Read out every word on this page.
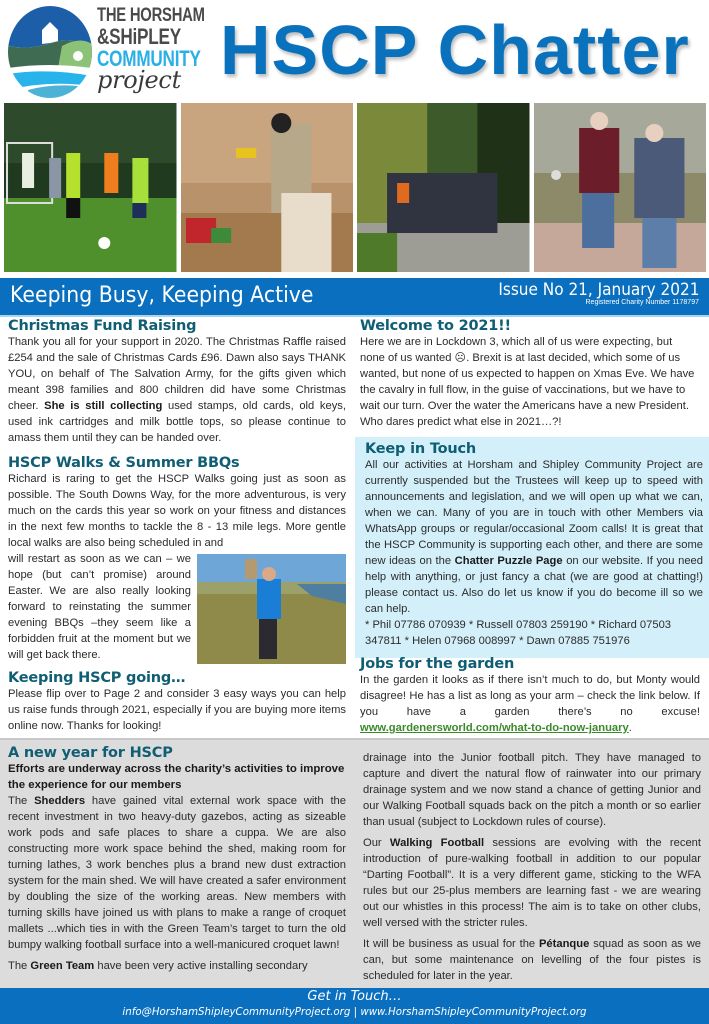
THE HORSHAM
&SHiPLEY
COMMUNITY
project HSCP Chatter
Keeping Busy, Keeping Active	Issue No 21, January 2021
Registered Charity Number 1178797
Christmas Fund Raising

Thank you all for your support in 2020. The Christmas Raffle raised £254 and the sale of Christmas Cards £96. Dawn also says THANK YOU, on behalf of The Salvation Army, for the gifts given which meant 398 families and 800 children did have some Christmas cheer. She is still collecting used stamps, old cards, old keys, used ink cartridges and milk bottle tops, so please continue to amass them until they can be handed over.

HSCP Walks & Summer BBQs

Richard is raring to get the HSCP Walks going just as soon as possible. The South Downs Way, for the more adventurous, is very much on the cards this year so work on your fitness and distances in the next few months to tackle the 8 - 13 mile legs. More gentle local walks are also being scheduled in and

will restart as soon as we can – we hope (but can’t promise) around Easter. We are also really looking forward to reinstating the summer evening BBQs –they seem like a forbidden fruit at the moment but we will get back there.

Keeping HSCP going…

Please flip over to Page 2 and consider 3 easy ways you can help us raise funds through 2021, especially if you are buying more items online now. Thanks for looking!

Welcome to 2021!!

Here we are in Lockdown 3, which all of us were expecting, but none of us wanted ☹. Brexit is at last decided, which some of us wanted, but none of us expected to happen on Xmas Eve. We have the cavalry in full flow, in the guise of vaccinations, but we have to wait our turn. Over the water the Americans have a new President. Who dares predict what else in 2021…?!

Keep in Touch

All our activities at Horsham and Shipley Community Project are currently suspended but the Trustees will keep up to speed with announcements and legislation, and we will open up what we can, when we can. Many of you are in touch with other Members via WhatsApp groups or regular/occasional Zoom calls! It is great that the HSCP Community is supporting each other, and there are some new ideas on the Chatter Puzzle Page on our website. If you need help with anything, or just fancy a chat (we are good at chatting!) please contact us. Also do let us know if you do become ill so we can help.

* Phil 07786 070939 * Russell 07803 259190 * Richard 07503 347811 * Helen 07968 008997 * Dawn 07885 751976

Jobs for the garden

In the garden it looks as if there isn’t much to do, but Monty would disagree! He has a list as long as your arm – check the link below. If you have a garden there’s no excuse! www.gardenersworld.com/what-to-do-now-january.

A new year for HSCP
Efforts are underway across the charity’s activities to improve the experience for our members

The Shedders have gained vital external work space with the recent investment in two heavy-duty gazebos, acting as sizeable work pods and safe places to share a cuppa. We are also constructing more work space behind the shed, making room for turning lathes, 3 work benches plus a brand new dust extraction system for the main shed. We will have created a safer environment by doubling the size of the working areas. New members with turning skills have joined us with plans to make a range of croquet mallets ...which ties in with the Green Team’s target to turn the old bumpy walking football surface into a well-manicured croquet lawn!

The Green Team have been very active installing secondary

drainage into the Junior football pitch. They have managed to capture and divert the natural flow of rainwater into our primary drainage system and we now stand a chance of getting Junior and our Walking Football squads back on the pitch a month or so earlier than usual (subject to Lockdown rules of course).

Our Walking Football sessions are evolving with the recent introduction of pure-walking football in addition to our popular “Darting Football”. It is a very different game, sticking to the WFA rules but our 25-plus members are learning fast - we are wearing out our whistles in this process! The aim is to take on other clubs, well versed with the stricter rules.

It will be business as usual for the Pétanque squad as soon as we can, but some maintenance on levelling of the four pistes is scheduled for later in the year.

Get in Touch…
info@HorshamShipleyCommunityProject.org | www.HorshamShipleyCommunityProject.org
